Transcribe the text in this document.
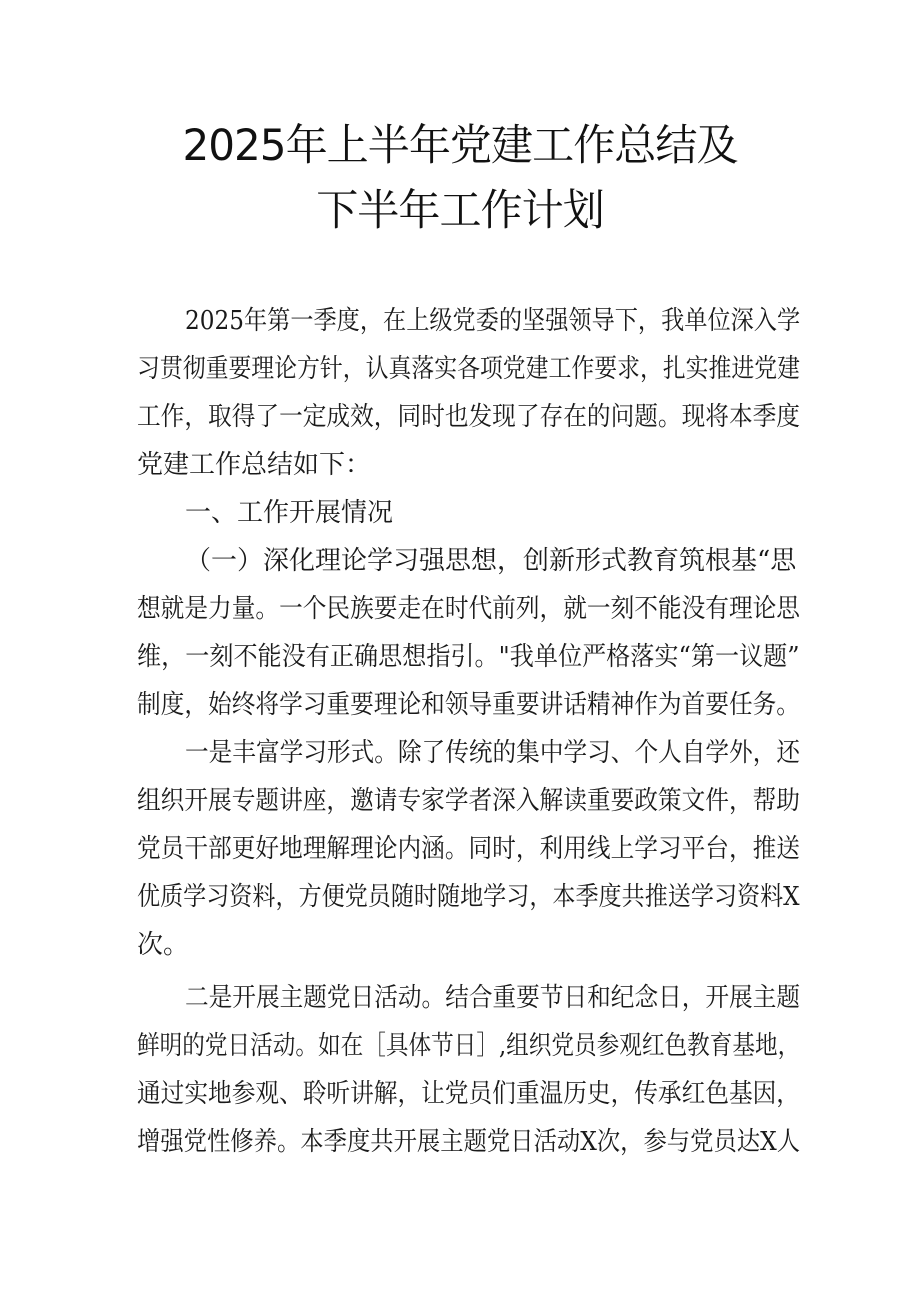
2025年上半年党建工作总结及
下半年工作计划
2025年第一季度，在上级党委的坚强领导下，我单位深入学
习贯彻重要理论方针，认真落实各项党建工作要求，扎实推进党建
工作，取得了一定成效，同时也发现了存在的问题。现将本季度
党建工作总结如下：
一、工作开展情况
（一）深化理论学习强思想，创新形式教育筑根基“思
想就是力量。一个民族要走在时代前列，就一刻不能没有理论思
维，一刻不能没有正确思想指引。"我单位严格落实“第一议题”
制度，始终将学习重要理论和领导重要讲话精神作为首要任务。
一是丰富学习形式。除了传统的集中学习、个人自学外，还
组织开展专题讲座，邀请专家学者深入解读重要政策文件，帮助
党员干部更好地理解理论内涵。同时，利用线上学习平台，推送
优质学习资料，方便党员随时随地学习，本季度共推送学习资料X
次。
二是开展主题党日活动。结合重要节日和纪念日，开展主题
鲜明的党日活动。如在［具体节日］,组织党员参观红色教育基地，
通过实地参观、聆听讲解，让党员们重温历史，传承红色基因，
增强党性修养。本季度共开展主题党日活动X次，参与党员达X人
